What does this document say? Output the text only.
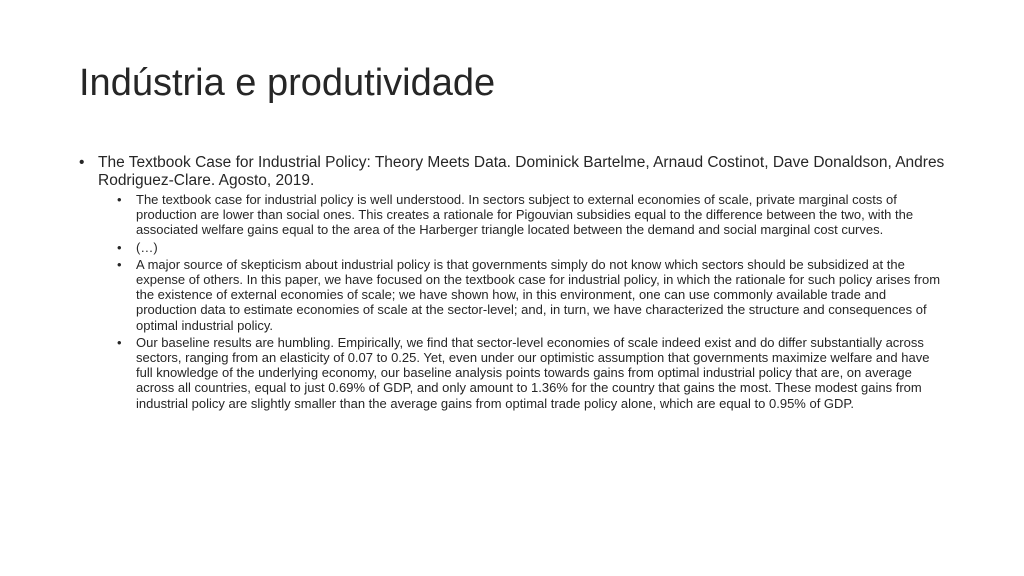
Indústria e produtividade
• The Textbook Case for Industrial Policy: Theory Meets Data. Dominick Bartelme, Arnaud Costinot, Dave Donaldson, Andres Rodriguez-Clare. Agosto, 2019.
• The textbook case for industrial policy is well understood. In sectors subject to external economies of scale, private marginal costs of production are lower than social ones. This creates a rationale for Pigouvian subsidies equal to the difference between the two, with the associated welfare gains equal to the area of the Harberger triangle located between the demand and social marginal cost curves.
• (…)
• A major source of skepticism about industrial policy is that governments simply do not know which sectors should be subsidized at the expense of others. In this paper, we have focused on the textbook case for industrial policy, in which the rationale for such policy arises from the existence of external economies of scale; we have shown how, in this environment, one can use commonly available trade and production data to estimate economies of scale at the sector-level; and, in turn, we have characterized the structure and consequences of optimal industrial policy.
• Our baseline results are humbling. Empirically, we find that sector-level economies of scale indeed exist and do differ substantially across sectors, ranging from an elasticity of 0.07 to 0.25. Yet, even under our optimistic assumption that governments maximize welfare and have full knowledge of the underlying economy, our baseline analysis points towards gains from optimal industrial policy that are, on average across all countries, equal to just 0.69% of GDP, and only amount to 1.36% for the country that gains the most. These modest gains from industrial policy are slightly smaller than the average gains from optimal trade policy alone, which are equal to 0.95% of GDP.
